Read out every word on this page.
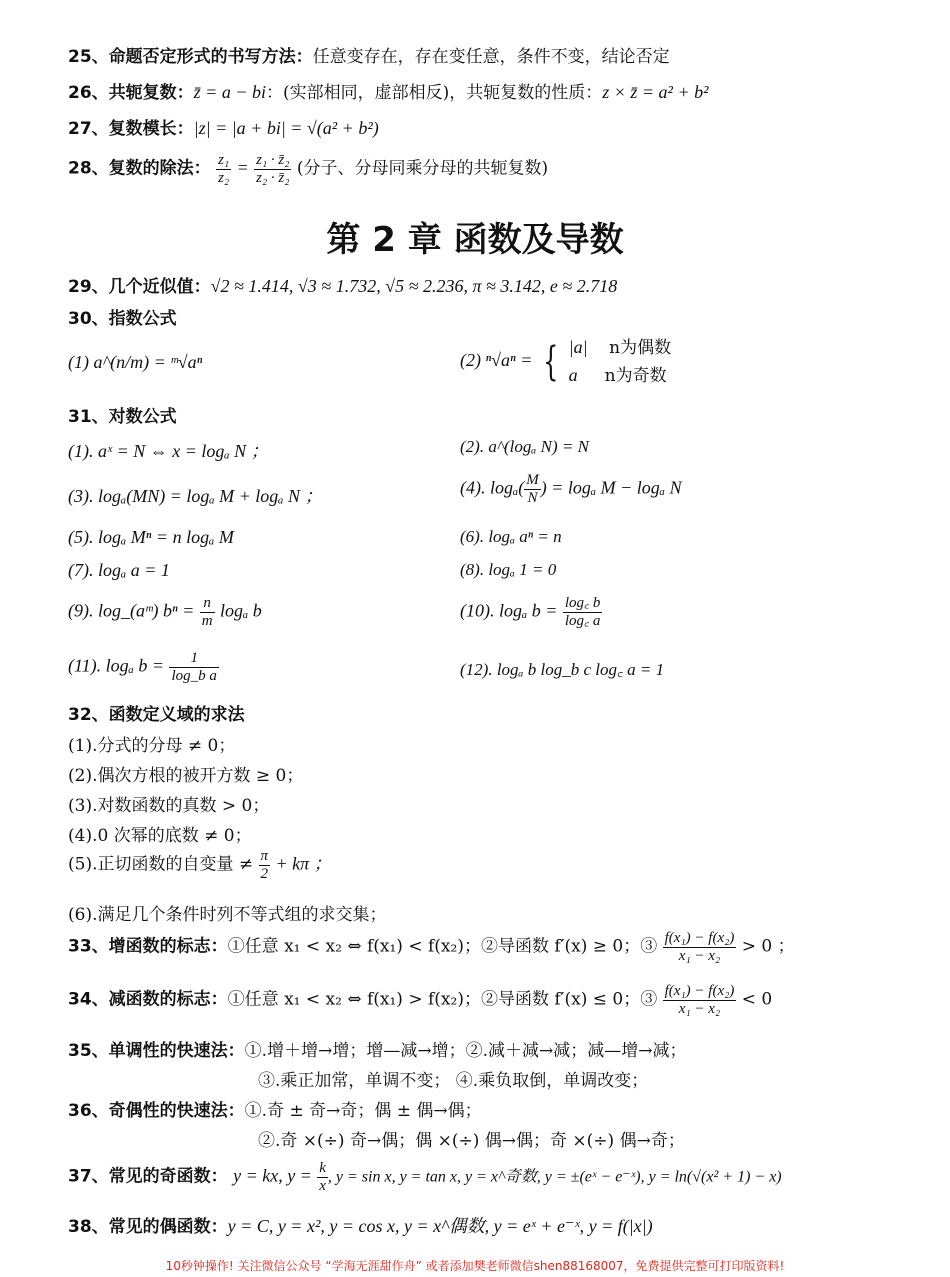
25、命题否定形式的书写方法：任意变存在，存在变任意，条件不变，结论否定
26、共轭复数：z̄ = a − bi：(实部相同，虚部相反)，共轭复数的性质：z × z̄ = a² + b²
27、复数模长：|z| = |a + bi| = √(a² + b²)
28、复数的除法： $\frac{\text{z₁}}{\text{z₂}} = \frac{\text{z₁ · z̄₂}}{\text{z₂ · z̄₂}}$ (分子、分母同乘分母的共轭复数)
第 2 章 函数及导数
29、几个近似值：√2 ≈ 1.414, √3 ≈ 1.732, √5 ≈ 2.236, π ≈ 3.142, e ≈ 2.718
30、指数公式
(1) a^(n/m) = ᵐ√aⁿ	(2) ⁿ√aⁿ = { |a| n为偶数
a n为奇数
31、对数公式
(1). aˣ = N ⇔ x = logₐ N ；	(2). a^(logₐ N) = N
(3). logₐ(MN) = logₐ M + logₐ N ；	(4). $\log_a( \frac{M}{N}$ ) = logₐ M − logₐ N
(5). logₐ Mⁿ = n logₐ M	(6). logₐ aⁿ = n
(7). logₐ a = 1	(8). logₐ 1 = 0
(9). log_(aᵐ) $b^n = \frac{n}{m}$ logₐ b	(10). logₐ $b = \frac{\log꜀ b}{\log꜀ a}$
(11). logₐ $b = \frac{1}{\text{log\_b a}}$	(12). logₐ b log_b c log꜀ a = 1
32、函数定义域的求法
(1).分式的分母 ≠ 0；
(2).偶次方根的被开方数 ≥ 0；
(3).对数函数的真数 > 0；
(4).0 次幂的底数 ≠ 0；
(5).正切函数的自变量 ≠ $\frac{\pi}{2} + k\pi$ ；
(6).满足几个条件时列不等式组的求交集；
33、增函数的标志：①任意 x₁ < x₂ ⇔ f(x₁) < f(x₂)；②导函数 f′(x) ≥ 0；③ $\frac{\text{f(x₁) − f(x₂)}}{\text{x₁ − x₂}} > 0$ ；
34、减函数的标志：①任意 x₁ < x₂ ⇔ f(x₁) > f(x₂)；②导函数 f′(x) ≤ 0；③ $\frac{\text{f(x₁) − f(x₂)}}{\text{x₁ − x₂}} < 0$
35、单调性的快速法：①.增＋增→增；增—减→增；②.减＋减→减；减—增→减；
③.乘正加常，单调不变； ④.乘负取倒，单调改变；
36、奇偶性的快速法：①.奇 ± 奇→奇；偶 ± 偶→偶；
②.奇 ×(÷) 奇→偶；偶 ×(÷) 偶→偶；奇 ×(÷) 偶→奇；
37、常见的奇函数： y = kx, $y = \frac{k}{x}$ , y = sin x, y = tan x, y = x^奇数, y = ±(eˣ − e⁻ˣ), y = ln(√(x² + 1) − x)
38、常见的偶函数：y = C, y = x², y = cos x, y = x^偶数, y = eˣ + e⁻ˣ, y = f(|x|)
10秒钟操作! 关注微信公众号 “学海无涯甜作舟” 或者添加樊老师微信shen88168007，免费提供完整可打印版资料!
